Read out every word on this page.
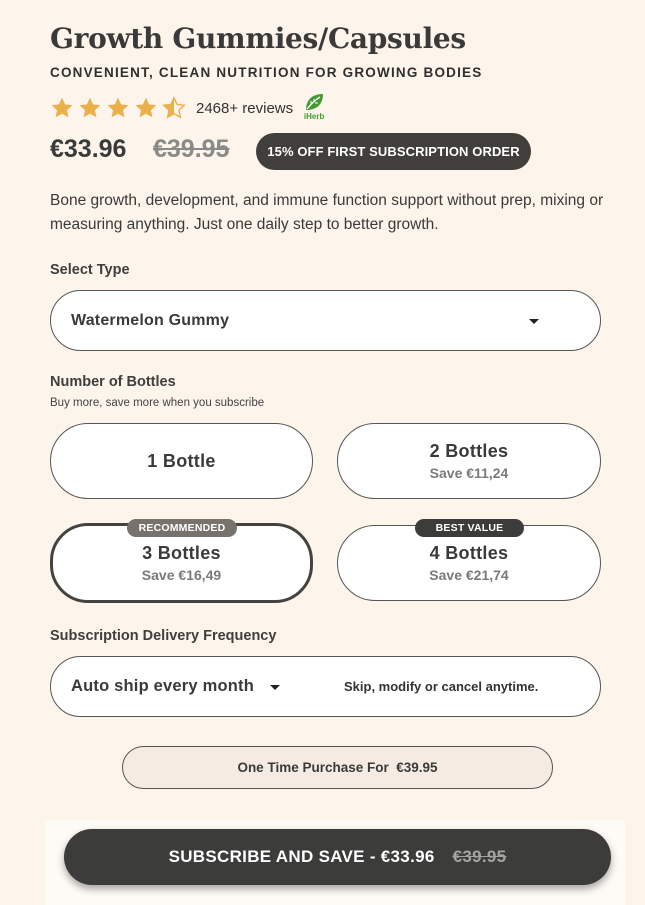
Growth Gummies/Capsules
CONVENIENT, CLEAN NUTRITION FOR GROWING BODIES
2468+ reviews iHerb
€33.96 €39.95	15% OFF FIRST SUBSCRIPTION ORDER
Bone growth, development, and immune function support without prep, mixing or measuring anything. Just one daily step to better growth.
Select Type
Watermelon Gummy
Number of Bottles
Buy more, save more when you subscribe
1 Bottle	2 Bottles
Save €11,24
3 Bottles
Save €16,49
RECOMMENDED
4 Bottles
Save €21,74
BEST VALUE
Subscription Delivery Frequency
Auto ship every month	Skip, modify or cancel anytime.
One Time Purchase For  €39.95
SUBSCRIBE AND SAVE - €33.96 €39.95
